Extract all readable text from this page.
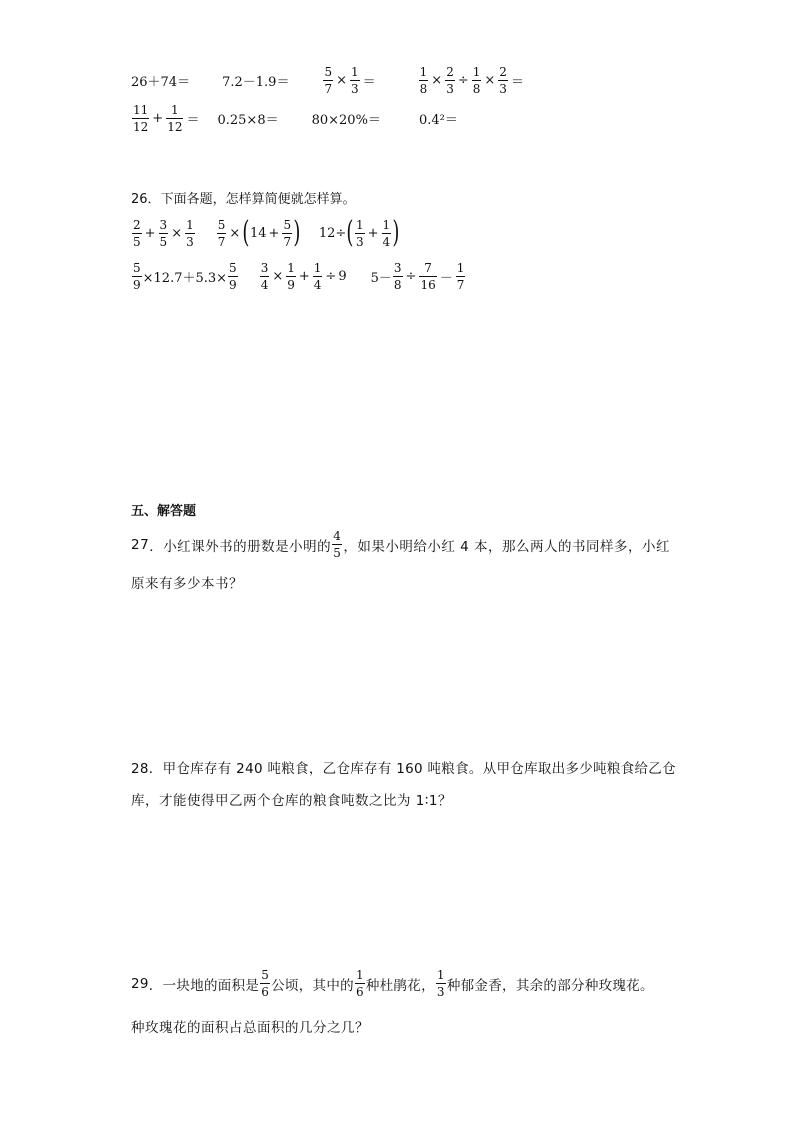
26＋74＝ 7.2－1.9＝	$\frac{5}{7} \times \frac{1}{3}$ ＝	$\frac{1}{8} \times \frac{2}{3} \div \frac{1}{8} \times \frac{2}{3}$ ＝
$\frac{11}{12} + \frac{1}{12} = 0.25\times 8=$	80×20%＝	0.4²＝
26．下面各题，怎样算简便就怎样算。
$\frac{2}{5} + \frac{3}{5} \times \frac{1}{3} \frac{5}{7}$ × ( $14 + \frac{5}{7}$ ) 12÷ ( $\frac{1}{3} + \frac{1}{4}$ )
$\frac{5}{9} \times 12.7+5.3\times \frac{5}{9} \frac{3}{4} \times \frac{1}{9} + \frac{1}{4} \div 9$ $5- \frac{3}{8} \div \frac{7}{16} - \frac{1}{7}$
五、解答题
27 ． 小红课外书的册数是小明的 $\frac{4}{5}$ ，如果小明给小红 4 本，那么两人的书同样多，小红
原来有多少本书？
28．甲仓库存有 240 吨粮食，乙仓库存有 160 吨粮食。从甲仓库取出多少吨粮食给乙仓
库，才能使得甲乙两个仓库的粮食吨数之比为 1∶1？
29 ． 一块地的面积是 $\frac{5}{6}$ 公顷，其中的 $\frac{1}{6}$ 种杜鹃花， $\frac{1}{3}$ 种郁金香，其余的部分种玫瑰花。
种玫瑰花的面积占总面积的几分之几？
